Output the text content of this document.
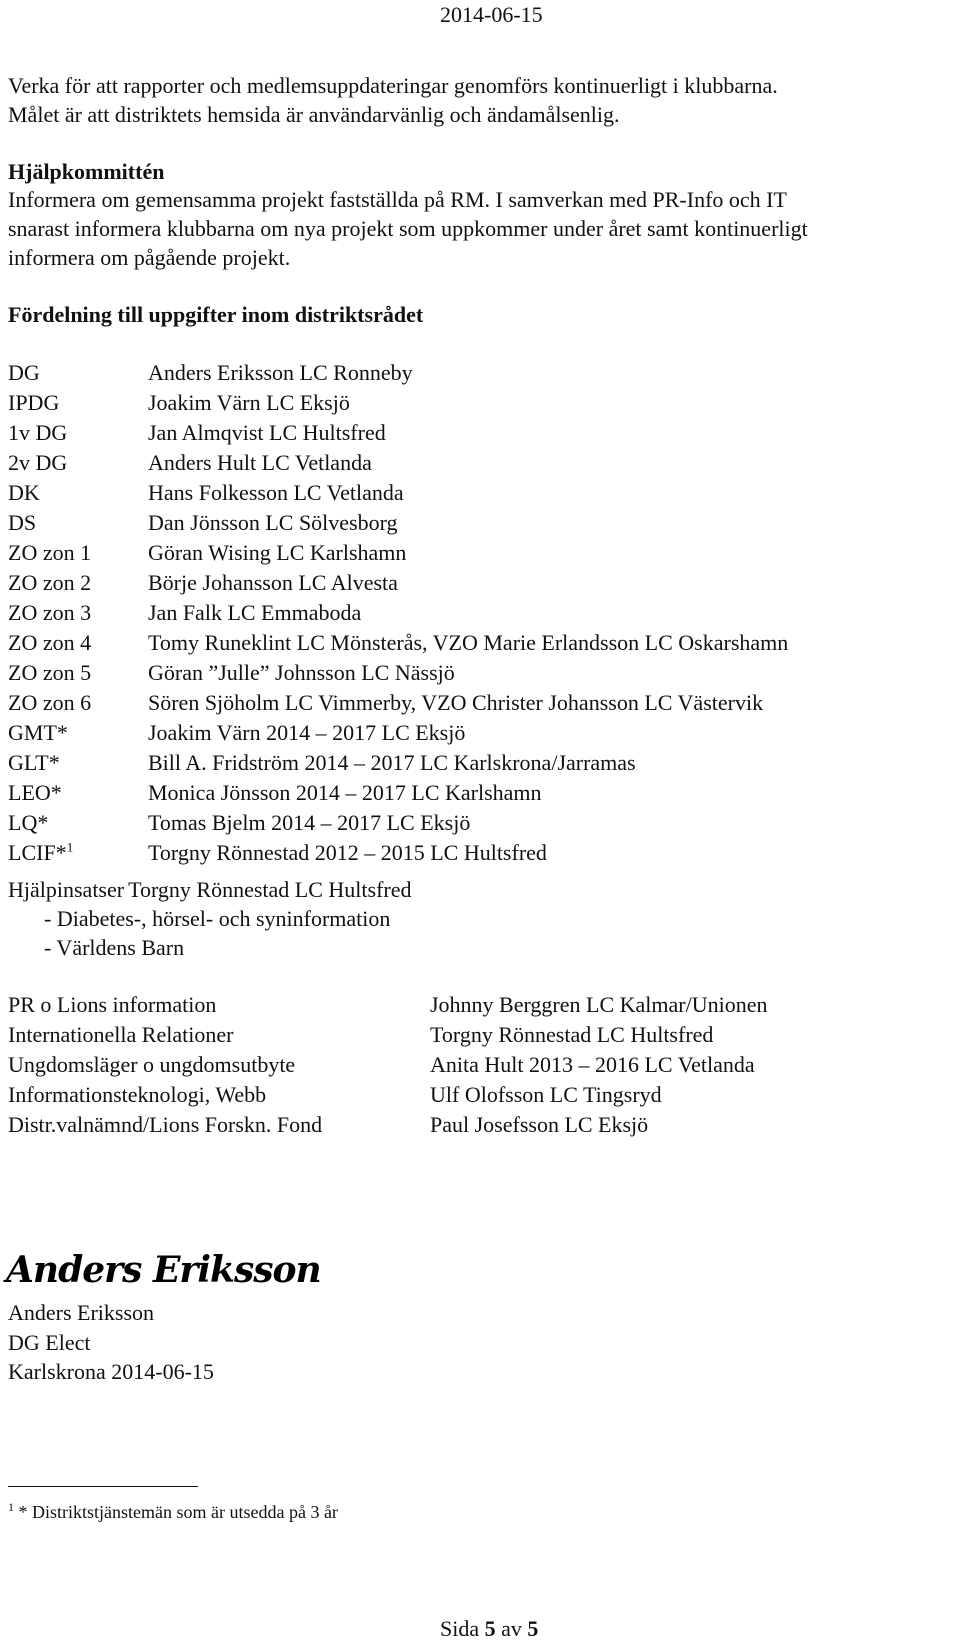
2014-06-15
Verka för att rapporter och medlemsuppdateringar genomförs kontinuerligt i klubbarna.
Målet är att distriktets hemsida är användarvänlig och ändamålsenlig.
Hjälpkommittén
Informera om gemensamma projekt fastställda på RM. I samverkan med PR-Info och IT
snarast informera klubbarna om nya projekt som uppkommer under året samt kontinuerligt
informera om pågående projekt.
Fördelning till uppgifter inom distriktsrådet
DG	Anders Eriksson LC Ronneby
IPDG	Joakim Värn LC Eksjö
1v DG	Jan Almqvist LC Hultsfred
2v DG	Anders Hult LC Vetlanda
DK	Hans Folkesson LC Vetlanda
DS	Dan Jönsson LC Sölvesborg
ZO zon 1	Göran Wising LC Karlshamn
ZO zon 2	Börje Johansson LC Alvesta
ZO zon 3	Jan Falk LC Emmaboda
ZO zon 4	Tomy Runeklint LC Mönsterås, VZO Marie Erlandsson LC Oskarshamn
ZO zon 5	Göran ”Julle” Johnsson LC Nässjö
ZO zon 6	Sören Sjöholm LC Vimmerby, VZO Christer Johansson LC Västervik
GMT*	Joakim Värn 2014 – 2017 LC Eksjö
GLT*	Bill A. Fridström 2014 – 2017 LC Karlskrona/Jarramas
LEO*	Monica Jönsson 2014 – 2017 LC Karlshamn
LQ*	Tomas Bjelm 2014 – 2017 LC Eksjö
LCIF*$^1$	Torgny Rönnestad 2012 – 2015 LC Hultsfred
Hjälpinsatser Torgny Rönnestad LC Hultsfred
- Diabetes-, hörsel- och syninformation
- Världens Barn
PR o Lions information	Johnny Berggren LC Kalmar/Unionen
Internationella Relationer	Torgny Rönnestad LC Hultsfred
Ungdomsläger o ungdomsutbyte	Anita Hult 2013 – 2016 LC Vetlanda
Informationsteknologi, Webb	Ulf Olofsson LC Tingsryd
Distr.valnämnd/Lions Forskn. Fond	Paul Josefsson LC Eksjö
Anders Eriksson
Anders Eriksson
DG Elect
Karlskrona 2014-06-15
$^1$ * Distriktstjänstemän som är utsedda på 3 år
Sida 5 av 5
